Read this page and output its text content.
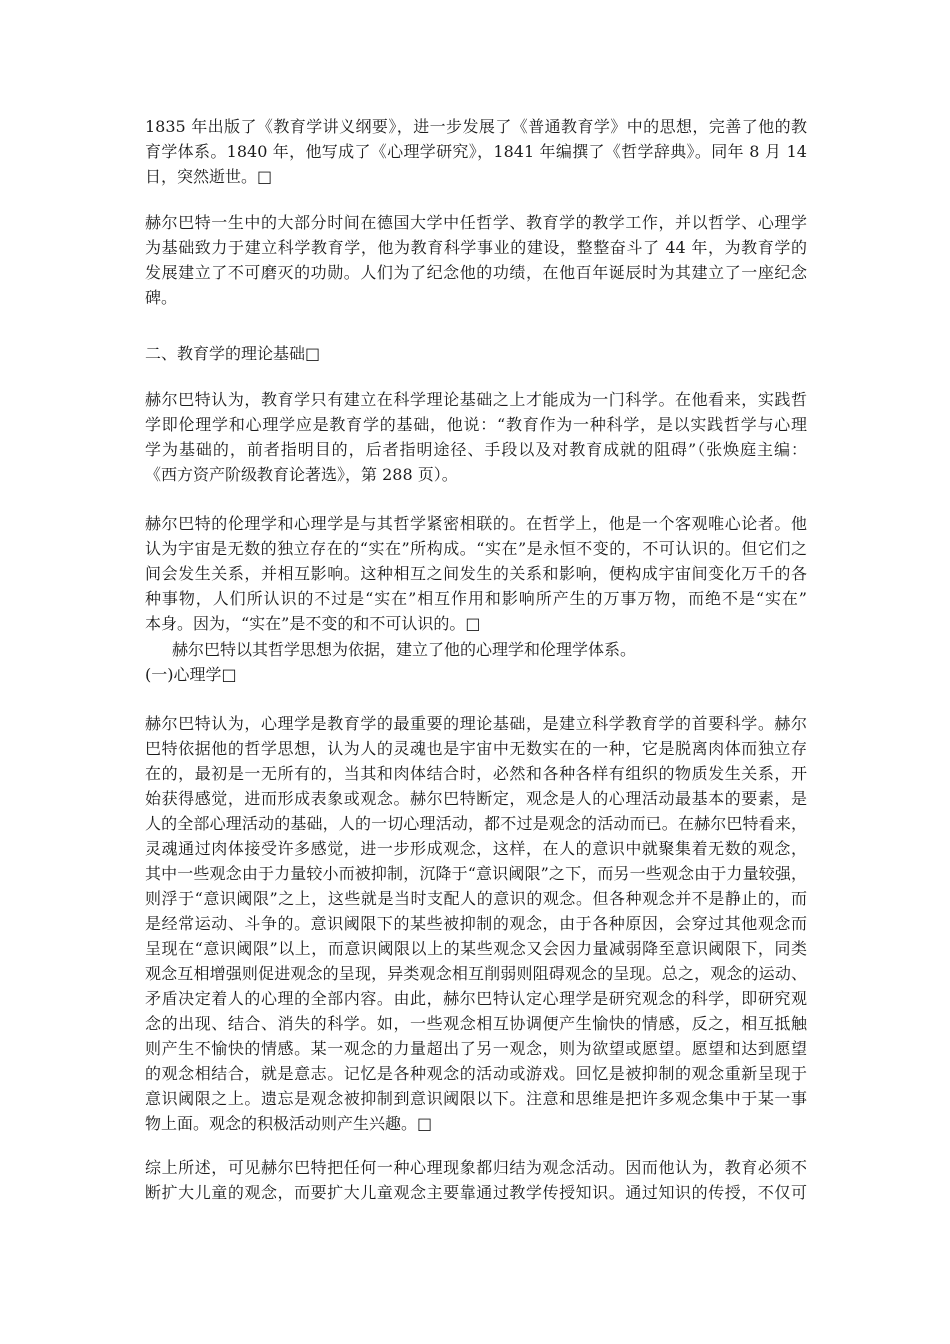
1835 年出版了《教育学讲义纲要》，进一步发展了《普通教育学》中的思想，完善了他的教
育学体系。1840 年，他写成了《心理学研究》，1841 年编撰了《哲学辞典》。同年 8 月 14
日，突然逝世。□
赫尔巴特一生中的大部分时间在德国大学中任哲学、教育学的教学工作，并以哲学、心理学
为基础致力于建立科学教育学，他为教育科学事业的建设，整整奋斗了 44 年，为教育学的
发展建立了不可磨灭的功勋。人们为了纪念他的功绩，在他百年诞辰时为其建立了一座纪念
碑。
二、教育学的理论基础□
赫尔巴特认为，教育学只有建立在科学理论基础之上才能成为一门科学。在他看来，实践哲
学即伦理学和心理学应是教育学的基础，他说：“教育作为一种科学，是以实践哲学与心理
学为基础的，前者指明目的，后者指明途径、手段以及对教育成就的阻碍”（张焕庭主编：
《西方资产阶级教育论著选》，第 288 页）。
赫尔巴特的伦理学和心理学是与其哲学紧密相联的。在哲学上，他是一个客观唯心论者。他
认为宇宙是无数的独立存在的“实在”所构成。“实在”是永恒不变的，不可认识的。但它们之
间会发生关系，并相互影响。这种相互之间发生的关系和影响，便构成宇宙间变化万千的各
种事物，人们所认识的不过是“实在”相互作用和影响所产生的万事万物，而绝不是“实在”
本身。因为，“实在”是不变的和不可认识的。□
赫尔巴特以其哲学思想为依据，建立了他的心理学和伦理学体系。
(一)心理学□
赫尔巴特认为，心理学是教育学的最重要的理论基础，是建立科学教育学的首要科学。赫尔
巴特依据他的哲学思想，认为人的灵魂也是宇宙中无数实在的一种，它是脱离肉体而独立存
在的，最初是一无所有的，当其和肉体结合时，必然和各种各样有组织的物质发生关系，开
始获得感觉，进而形成表象或观念。赫尔巴特断定，观念是人的心理活动最基本的要素，是
人的全部心理活动的基础，人的一切心理活动，都不过是观念的活动而已。在赫尔巴特看来，
灵魂通过肉体接受许多感觉，进一步形成观念，这样，在人的意识中就聚集着无数的观念，
其中一些观念由于力量较小而被抑制，沉降于“意识阈限”之下，而另一些观念由于力量较强，
则浮于“意识阈限”之上，这些就是当时支配人的意识的观念。但各种观念并不是静止的，而
是经常运动、斗争的。意识阈限下的某些被抑制的观念，由于各种原因，会穿过其他观念而
呈现在“意识阈限”以上，而意识阈限以上的某些观念又会因力量减弱降至意识阈限下，同类
观念互相增强则促进观念的呈现，异类观念相互削弱则阻碍观念的呈现。总之，观念的运动、
矛盾决定着人的心理的全部内容。由此，赫尔巴特认定心理学是研究观念的科学，即研究观
念的出现、结合、消失的科学。如，一些观念相互协调便产生愉快的情感，反之，相互抵触
则产生不愉快的情感。某一观念的力量超出了另一观念，则为欲望或愿望。愿望和达到愿望
的观念相结合，就是意志。记忆是各种观念的活动或游戏。回忆是被抑制的观念重新呈现于
意识阈限之上。遗忘是观念被抑制到意识阈限以下。注意和思维是把许多观念集中于某一事
物上面。观念的积极活动则产生兴趣。□
综上所述，可见赫尔巴特把任何一种心理现象都归结为观念活动。因而他认为，教育必须不
断扩大儿童的观念，而要扩大儿童观念主要靠通过教学传授知识。通过知识的传授，不仅可
